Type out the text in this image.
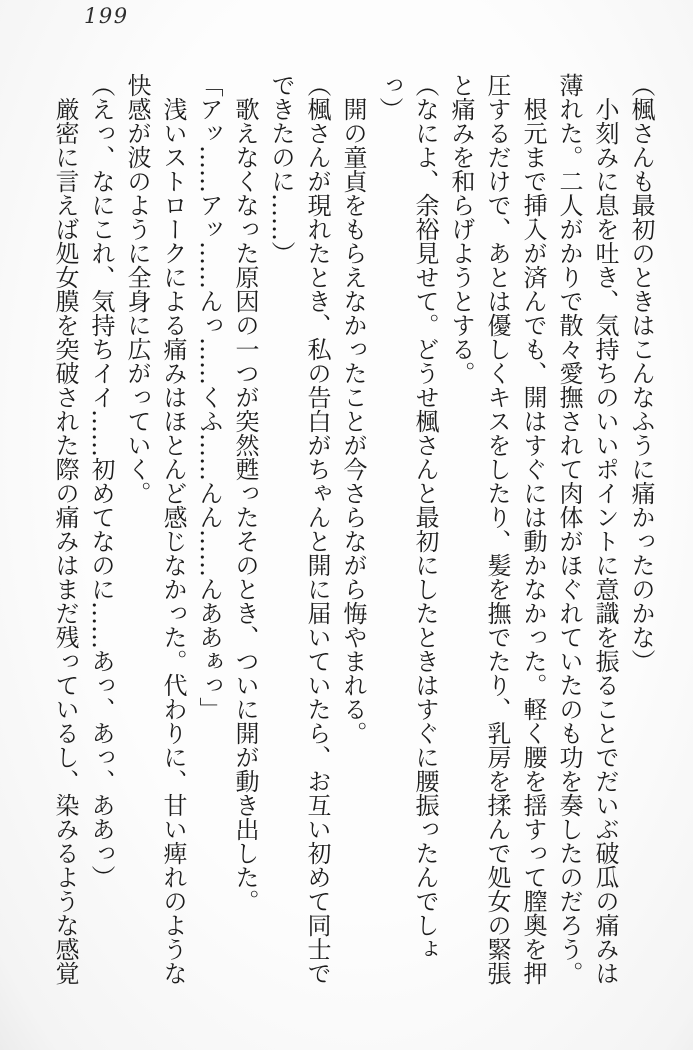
199

（楓さんも最初のときはこんなふうに痛かったのかな）

小刻みに息を吐き、気持ちのいいポイントに意識を振ることでだいぶ破瓜の痛みは薄れた。二人がかりで散々愛撫されて肉体がほぐれていたのも功を奏したのだろう。

根元まで挿入が済んでも、開はすぐには動かなかった。軽く腰を揺すって膣奥を押圧するだけで、あとは優しくキスをしたり、髪を撫でたり、乳房を揉んで処女の緊張と痛みを和らげようとする。

（なによ、余裕見せて。どうせ楓さんと最初にしたときはすぐに腰振ったんでしょっ）

開の童貞をもらえなかったことが今さらながら悔やまれる。

（楓さんが現れたとき、私の告白がちゃんと開に届いていたら、お互い初めて同士でできたのに……）

歌えなくなった原因の一つが突然甦ったそのとき、ついに開が動き出した。

「アッ……アッ……んっ……くふ……んん……んああぁっ」

浅いストロークによる痛みはほとんど感じなかった。代わりに、甘い痺れのような快感が波のように全身に広がっていく。

（えっ、なにこれ、気持ちイイ……初めてなのに……あっ、あっ、ああっ）

厳密に言えば処女膜を突破された際の痛みはまだ残っているし、染みるような感覚
